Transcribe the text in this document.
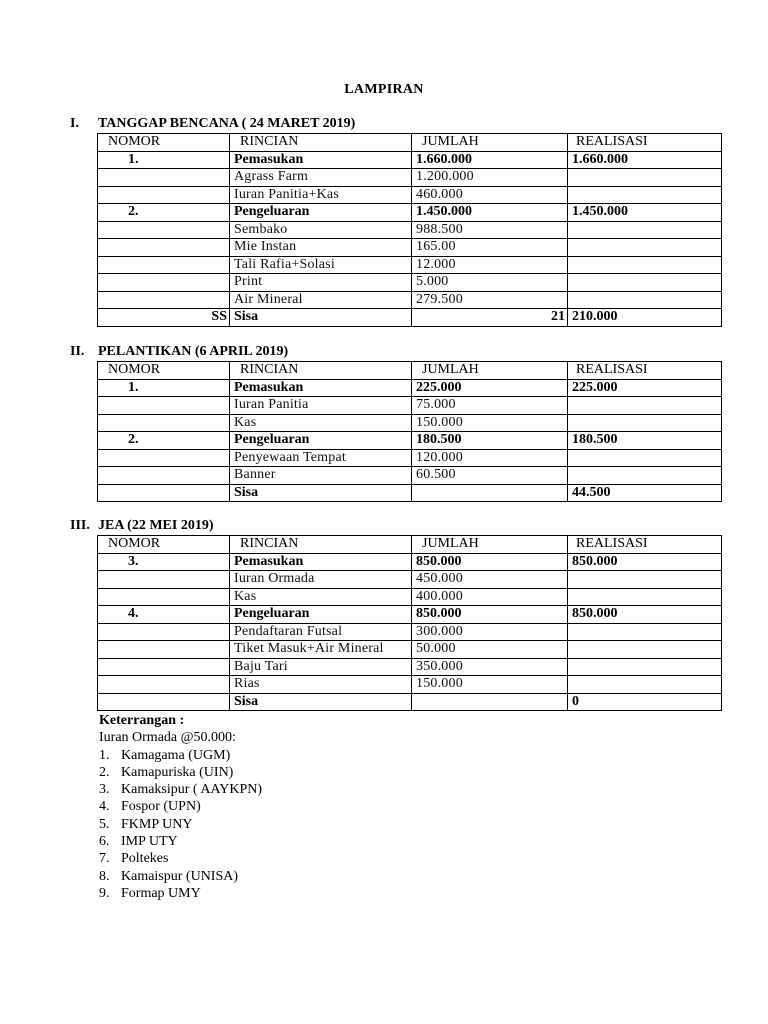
LAMPIRAN
I. TANGGAP BENCANA ( 24 MARET 2019)
NOMOR	RINCIAN	JUMLAH	REALISASI
1.	Pemasukan	1.660.000	1.660.000
	Agrass Farm	1.200.000	
	Iuran Panitia+Kas	460.000	
2.	Pengeluaran	1.450.000	1.450.000
	Sembako	988.500	
	Mie Instan	165.00	
	Tali Rafia+Solasi	12.000	
	Print	5.000	
	Air Mineral	279.500	
SS	Sisa	21	210.000
II. PELANTIKAN (6 APRIL 2019)
NOMOR	RINCIAN	JUMLAH	REALISASI
1.	Pemasukan	225.000	225.000
	Iuran Panitia	75.000	
	Kas	150.000	
2.	Pengeluaran	180.500	180.500
	Penyewaan Tempat	120.000	
	Banner	60.500	
	Sisa		44.500
III. JEA (22 MEI 2019)
NOMOR	RINCIAN	JUMLAH	REALISASI
3.	Pemasukan	850.000	850.000
	Iuran Ormada	450.000	
	Kas	400.000	
4.	Pengeluaran	850.000	850.000
	Pendaftaran Futsal	300.000	
	Tiket Masuk+Air Mineral	50.000	
	Baju Tari	350.000	
	Rias	150.000	
	Sisa		0
Keterrangan :
Iuran Ormada @50.000:
1. Kamagama (UGM)
2. Kamapuriska (UIN)
3. Kamaksipur ( AAYKPN)
4. Fospor (UPN)
5. FKMP UNY
6. IMP UTY
7. Poltekes
8. Kamaispur (UNISA)
9. Formap UMY
